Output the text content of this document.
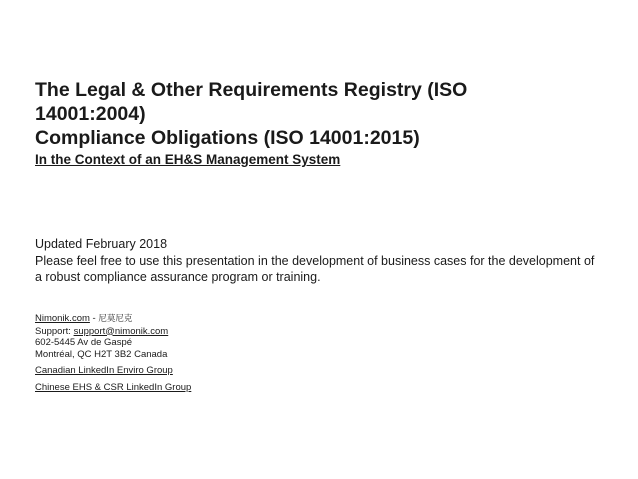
The Legal & Other Requirements Registry (ISO

14001:2004)

Compliance Obligations (ISO 14001:2015)

In the Context of an EH&S Management System

Updated February 2018

Please feel free to use this presentation in the development of business cases for the development of a robust compliance assurance program or training.

Nimonik.com - 尼莫尼克

Support: support@nimonik.com

602-5445 Av de Gaspé

Montréal, QC H2T 3B2 Canada

Canadian LinkedIn Enviro Group

Chinese EHS & CSR LinkedIn Group
